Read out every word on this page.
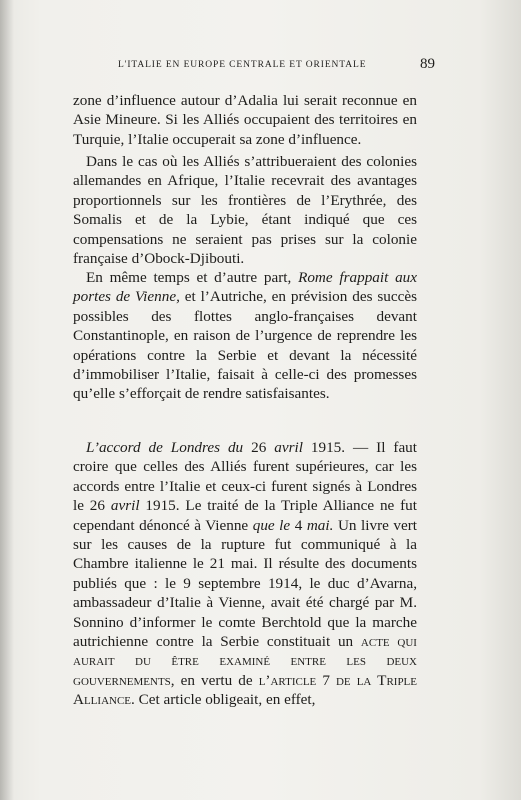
L'ITALIE EN EUROPE CENTRALE ET ORIENTALE	89

zone d’influence autour d’Adalia lui serait reconnue en Asie Mineure. Si les Alliés occupaient des territoires en Turquie, l’Italie occuperait sa zone d’influence.

Dans le cas où les Alliés s’attribueraient des colonies allemandes en Afrique, l’Italie recevrait des avantages proportionnels sur les frontières de l’Erythrée, des Somalis et de la Lybie, étant indiqué que ces compensations ne seraient pas prises sur la colonie française d’Obock-Djibouti.

En même temps et d’autre part, Rome frappait aux portes de Vienne, et l’Autriche, en prévision des succès possibles des flottes anglo-françaises devant Constantinople, en raison de l’urgence de reprendre les opérations contre la Serbie et devant la nécessité d’immobiliser l’Italie, faisait à celle-ci des promesses qu’elle s’efforçait de rendre satisfaisantes.

L’accord de Londres du 26 avril 1915. — Il faut croire que celles des Alliés furent supérieures, car les accords entre l’Italie et ceux-ci furent signés à Londres le 26 avril 1915. Le traité de la Triple Alliance ne fut cependant dénoncé à Vienne que le 4 mai. Un livre vert sur les causes de la rupture fut communiqué à la Chambre italienne le 21 mai. Il résulte des documents publiés que : le 9 septembre 1914, le duc d’Avarna, ambassadeur d’Italie à Vienne, avait été chargé par M. Sonnino d’informer le comte Berchtold que la marche autrichienne contre la Serbie constituait un acte qui aurait du être examiné entre les deux gouvernements, en vertu de l’article 7 de la Triple Alliance. Cet article obligeait, en effet,
